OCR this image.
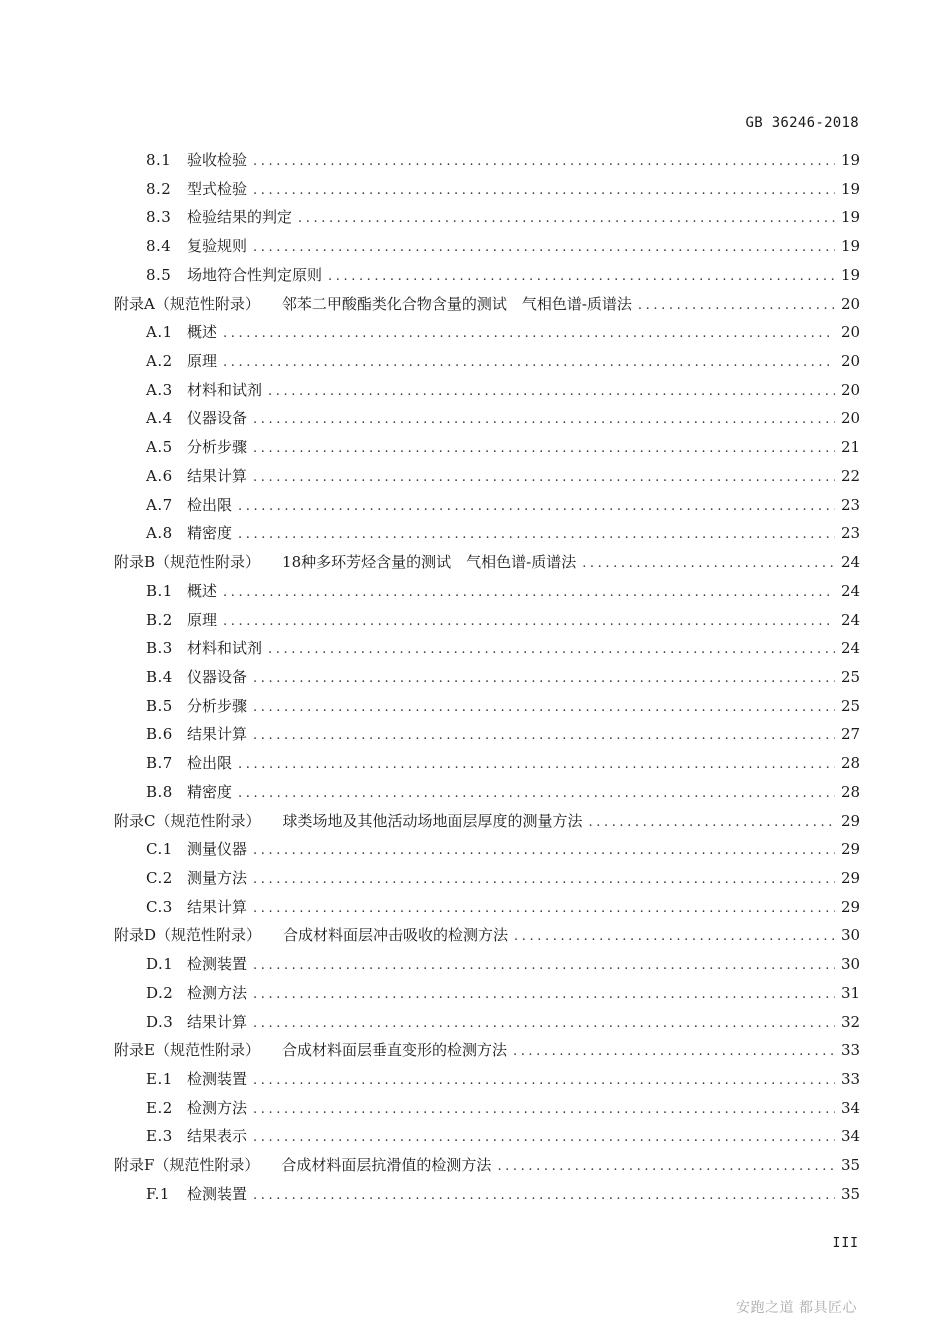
GB 36246-2018
8.1	验收检验 .....	19
8.2	型式检验 .....	19
8.3	检验结果的判定 .....	19
8.4	复验规则 .....	19
8.5	场地符合性判定原则 .....	19
附录A（规范性附录） 邻苯二甲酸酯类化合物含量的测试　气相色谱-质谱法 .....	20
A.1 概述 .....	20
A.2 原理 .....	20
A.3 材料和试剂 .....	20
A.4 仪器设备 .....	20
A.5 分析步骤 .....	21
A.6 结果计算 .....	22
A.7 检出限 .....	23
A.8 精密度 .....	23
附录B（规范性附录） 18种多环芳烃含量的测试　气相色谱-质谱法 .....	24
B.1 概述 .....	24
B.2 原理 .....	24
B.3 材料和试剂 .....	24
B.4 仪器设备 .....	25
B.5 分析步骤 .....	25
B.6 结果计算 .....	27
B.7 检出限 .....	28
B.8 精密度 .....	28
附录C（规范性附录） 球类场地及其他活动场地面层厚度的测量方法 .....	29
C.1 测量仪器 .....	29
C.2 测量方法 .....	29
C.3 结果计算 .....	29
附录D（规范性附录） 合成材料面层冲击吸收的检测方法 .....	30
D.1 检测装置 .....	30
D.2 检测方法 .....	31
D.3 结果计算 .....	32
附录E（规范性附录） 合成材料面层垂直变形的检测方法 .....	33
E.1 检测装置 .....	33
E.2 检测方法 .....	34
E.3 结果表示 .....	34
附录F（规范性附录） 合成材料面层抗滑值的检测方法 .....	35
F.1	检测装置 .....	35
III
安跑之道 都具匠心
